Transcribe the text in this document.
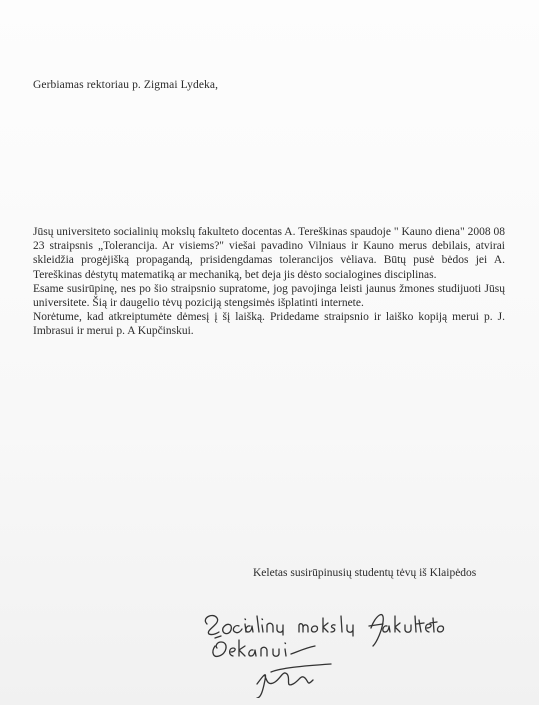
Gerbiamas rektoriau p. Zigmai Lydeka,

Jūsų universiteto socialinių mokslų fakulteto docentas A. Tereškinas spaudoje " Kauno diena" 2008 08 23 straipsnis „Tolerancija. Ar visiems?" viešai pavadino Vilniaus ir Kauno merus debilais, atvirai skleidžia progėjišką propagandą, prisidengdamas tolerancijos vėliava. Būtų pusė bėdos jei A. Tereškinas dėstytų matematiką ar mechaniką, bet deja jis dėsto socialogines disciplinas.

Esame susirūpinę, nes po šio straipsnio supratome, jog pavojinga leisti jaunus žmones studijuoti Jūsų universitete. Šią ir daugelio tėvų poziciją stengsimės išplatinti internete.

Norėtume, kad atkreiptumėte dėmesį į šį laišką. Pridedame straipsnio ir laiško kopiją merui p. J. Imbrasui ir merui p. A Kupčinskui.

Keletas susirūpinusių studentų tėvų iš Klaipėdos
